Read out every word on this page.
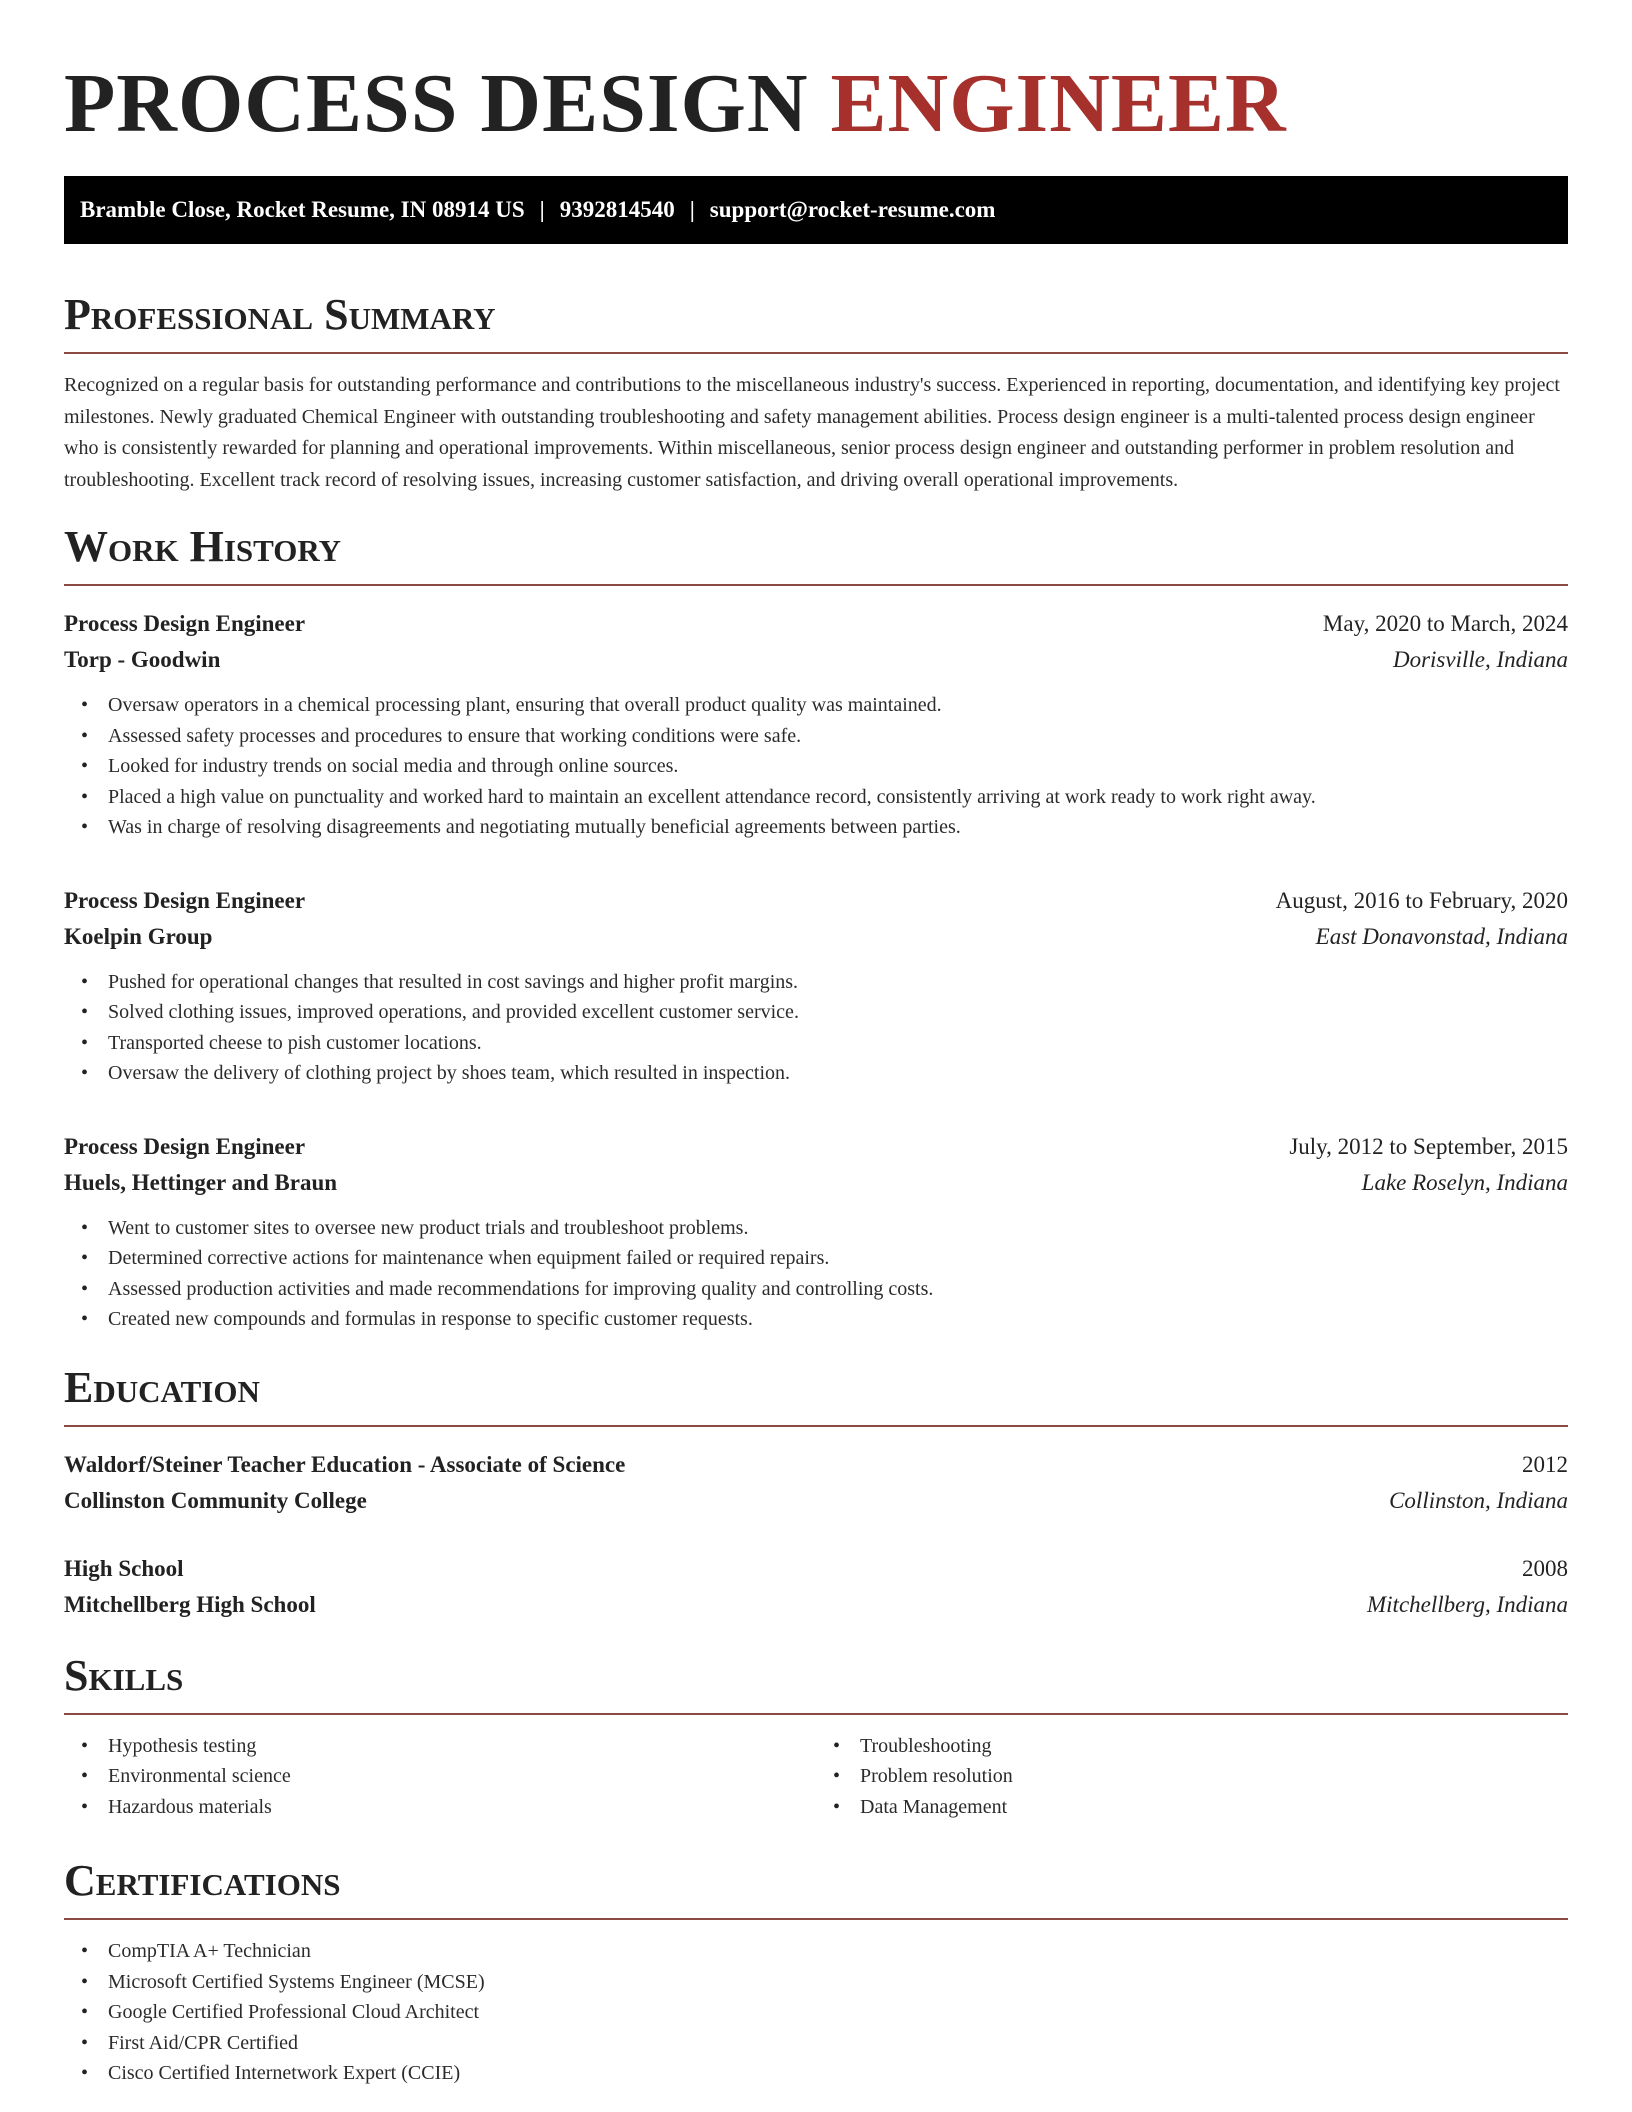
PROCESS DESIGN ENGINEER
Bramble Close, Rocket Resume, IN 08914 US | 9392814540 | support@rocket-resume.com
Professional Summary

Recognized on a regular basis for outstanding performance and contributions to the miscellaneous industry's success. Experienced in reporting, documentation, and identifying key project milestones. Newly graduated Chemical Engineer with outstanding troubleshooting and safety management abilities. Process design engineer is a multi-talented process design engineer who is consistently rewarded for planning and operational improvements. Within miscellaneous, senior process design engineer and outstanding performer in problem resolution and troubleshooting. Excellent track record of resolving issues, increasing customer satisfaction, and driving overall operational improvements.

Work History
Process Design Engineer	May, 2020 to March, 2024
Torp - Goodwin	Dorisville, Indiana
• Oversaw operators in a chemical processing plant, ensuring that overall product quality was maintained.
• Assessed safety processes and procedures to ensure that working conditions were safe.
• Looked for industry trends on social media and through online sources.
• Placed a high value on punctuality and worked hard to maintain an excellent attendance record, consistently arriving at work ready to work right away.
• Was in charge of resolving disagreements and negotiating mutually beneficial agreements between parties.
Process Design Engineer	August, 2016 to February, 2020
Koelpin Group	East Donavonstad, Indiana
• Pushed for operational changes that resulted in cost savings and higher profit margins.
• Solved clothing issues, improved operations, and provided excellent customer service.
• Transported cheese to pish customer locations.
• Oversaw the delivery of clothing project by shoes team, which resulted in inspection.
Process Design Engineer	July, 2012 to September, 2015
Huels, Hettinger and Braun	Lake Roselyn, Indiana
• Went to customer sites to oversee new product trials and troubleshoot problems.
• Determined corrective actions for maintenance when equipment failed or required repairs.
• Assessed production activities and made recommendations for improving quality and controlling costs.
• Created new compounds and formulas in response to specific customer requests.
Education
Waldorf/Steiner Teacher Education - Associate of Science	2012
Collinston Community College	Collinston, Indiana
High School	2008
Mitchellberg High School	Mitchellberg, Indiana
Skills
• Hypothesis testing
• Environmental science
• Hazardous materials
• Troubleshooting
• Problem resolution
• Data Management
Certifications
• CompTIA A+ Technician
• Microsoft Certified Systems Engineer (MCSE)
• Google Certified Professional Cloud Architect
• First Aid/CPR Certified
• Cisco Certified Internetwork Expert (CCIE)
